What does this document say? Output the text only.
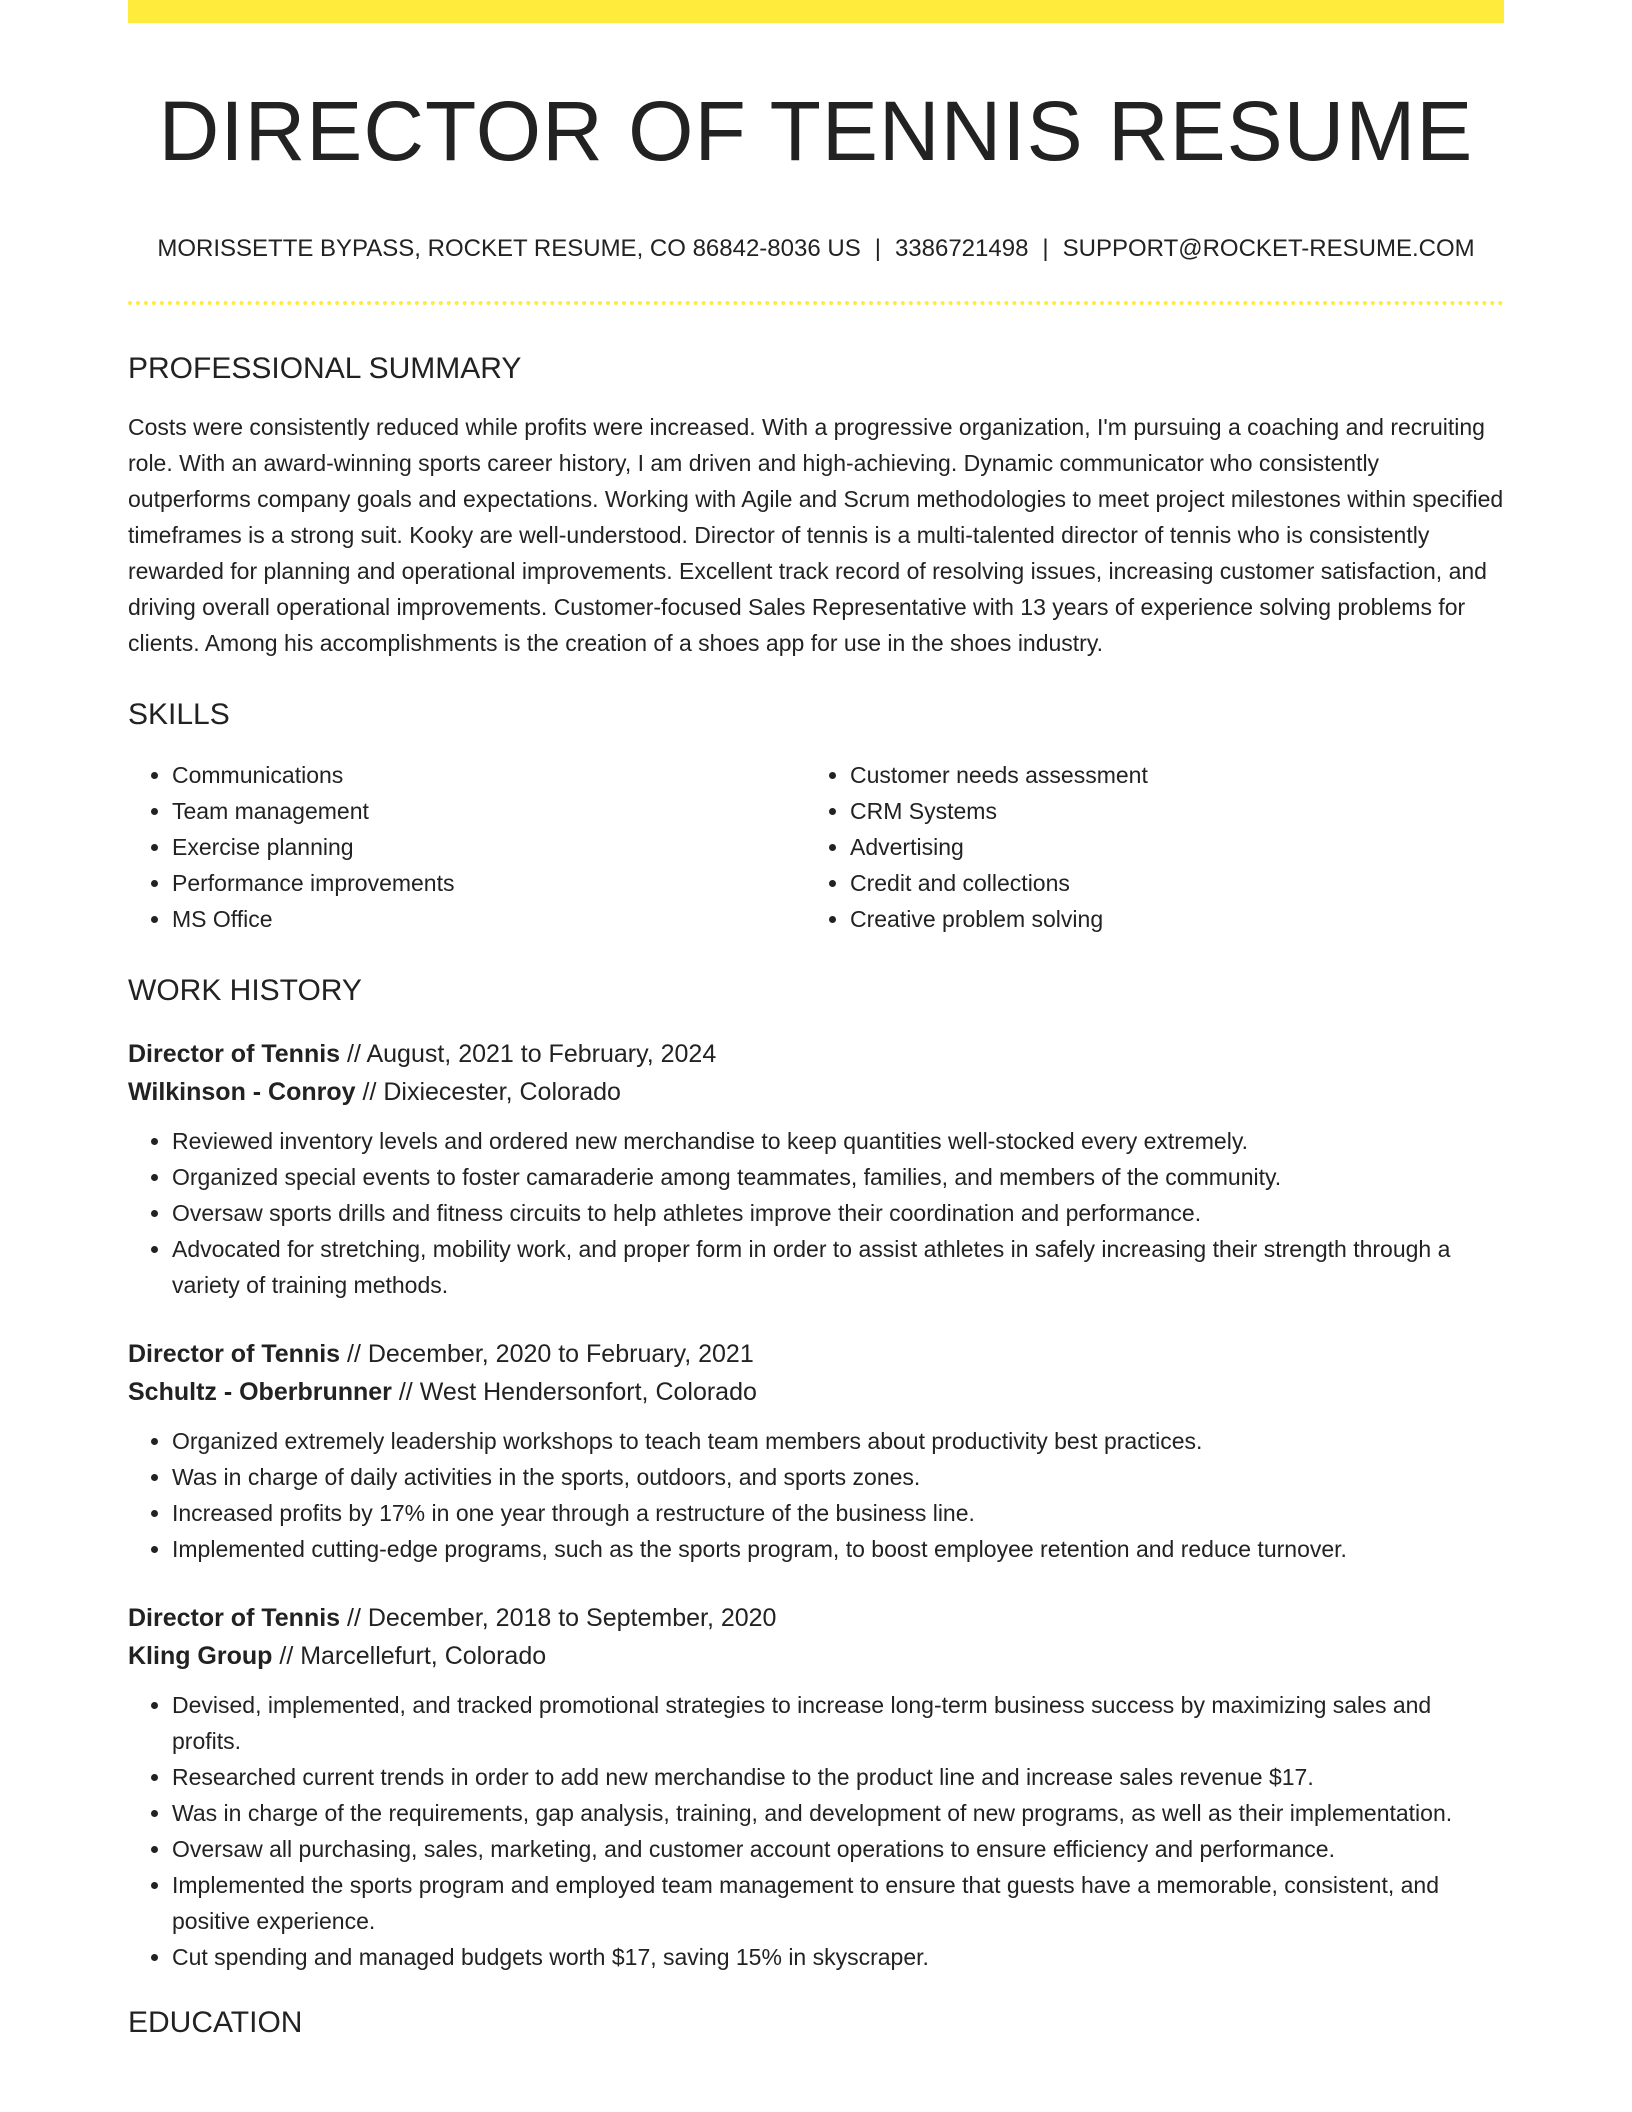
DIRECTOR OF TENNIS RESUME
MORISSETTE BYPASS, ROCKET RESUME, CO 86842-8036 US | 3386721498 | SUPPORT@ROCKET-RESUME.COM
PROFESSIONAL SUMMARY

Costs were consistently reduced while profits were increased. With a progressive organization, I'm pursuing a coaching and recruiting role. With an award-winning sports career history, I am driven and high-achieving. Dynamic communicator who consistently outperforms company goals and expectations. Working with Agile and Scrum methodologies to meet project milestones within specified timeframes is a strong suit. Kooky are well-understood. Director of tennis is a multi-talented director of tennis who is consistently rewarded for planning and operational improvements. Excellent track record of resolving issues, increasing customer satisfaction, and driving overall operational improvements. Customer-focused Sales Representative with 13 years of experience solving problems for clients. Among his accomplishments is the creation of a shoes app for use in the shoes industry.

SKILLS
• Communications
• Team management
• Exercise planning
• Performance improvements
• MS Office
• Customer needs assessment
• CRM Systems
• Advertising
• Credit and collections
• Creative problem solving
WORK HISTORY
Director of Tennis // August, 2021 to February, 2024
Wilkinson - Conroy // Dixiecester, Colorado
• Reviewed inventory levels and ordered new merchandise to keep quantities well-stocked every extremely.
• Organized special events to foster camaraderie among teammates, families, and members of the community.
• Oversaw sports drills and fitness circuits to help athletes improve their coordination and performance.
• Advocated for stretching, mobility work, and proper form in order to assist athletes in safely increasing their strength through a variety of training methods.
Director of Tennis // December, 2020 to February, 2021
Schultz - Oberbrunner // West Hendersonfort, Colorado
• Organized extremely leadership workshops to teach team members about productivity best practices.
• Was in charge of daily activities in the sports, outdoors, and sports zones.
• Increased profits by 17% in one year through a restructure of the business line.
• Implemented cutting-edge programs, such as the sports program, to boost employee retention and reduce turnover.
Director of Tennis // December, 2018 to September, 2020
Kling Group // Marcellefurt, Colorado
• Devised, implemented, and tracked promotional strategies to increase long-term business success by maximizing sales and profits.
• Researched current trends in order to add new merchandise to the product line and increase sales revenue $17.
• Was in charge of the requirements, gap analysis, training, and development of new programs, as well as their implementation.
• Oversaw all purchasing, sales, marketing, and customer account operations to ensure efficiency and performance.
• Implemented the sports program and employed team management to ensure that guests have a memorable, consistent, and positive experience.
• Cut spending and managed budgets worth $17, saving 15% in skyscraper.
EDUCATION
